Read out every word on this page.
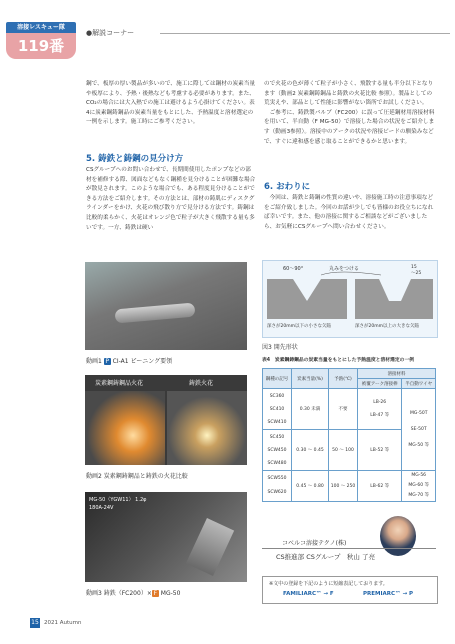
溶接レスキュー隊
119番
●解説コーナー
鋼で、板厚の厚い製品が多いので、施工に際しては鋼材の炭素当量や板厚により、予熱・後熱なども考慮する必要があります。また、CO₂の場合には大入熱での施工は避けるよう心掛けてください。表4に炭素鋼鋳鋼品の炭素当量をもとにした、予熱温度と溶材選定の一例を示します。施工時にご参考ください。
5. 鋳鉄と鋳鋼の見分け方
CSグループへのお問い合わせで、長期間使用したポンプなどの部材を補修する際、図面などもなく鋼種を見分けることが困難な場合が散見されます。このような場合でも、ある程度見分けることができる方法をご紹介します。その方法とは、部材の鋳肌にディスクグラインダーをかけ、火花の飛び散り方で見分ける方法です。鋳鋼は比較的柔らかく、火花はオレンジ色で粒子が大きく飛散する量も多いです。一方、鋳鉄は硬い
ので火花の色が薄くて粒子が小さく、飛散する量も半分以下となります（動画2 炭素鋼鋳鋼品と鋳鉄の火花比較 参照）。製品としての荒実えや、部品として性能に影響がない箇所でお試しください。
　ご参考に、鋳鉄製バルブ（FC200）に誤って圧延鋼材用溶接材料を用いて、半自動（F MG-50）で溶接した場合の状況をご紹介します（動画3参照）。溶接中のアークの状況や溶接ビードの馴染みなどで、すぐに違和感を感じ取ることができるかと思います。
6. おわりに
　今回は、鋳鉄と鋳鋼の性質の違いや、溶接施工時の注意事項などをご紹介致しました。今回のお話が少しでも皆様のお役立ちになれば幸いです。また、他の溶接に関するご相談などがございましたら、お気軽にCSグループへ問い合わせください。
動画1 P CI-A1 ピーニング要領
炭素鋼鋳鋼品火花	鋳鉄火花
動画2 炭素鋼鋳鋼品と鋳鉄の火花比較
MG-50（YGW11） 1.2φ
180A-24V
動画3 鋳鉄（FC200）× F MG-50
60〜90°	丸みをつける	15
〜25
深さが20mm以下の小さな欠陥	深さが20mm以上の大きな欠陥
図3 開先形状
表4　炭素鋼鋳鋼品の炭素当量をもとにした予熱温度と溶材選定の一例
鋼種の記号	炭素当量(%)	予熱(℃)	溶接材料	
			被覆アーク溶接棒	半自動ワイヤ
SC360
SC410
SCW410	0.30 未満	不要	LB-26
LB-47 等	MG-50T
SE-50T
MG-50 等
SC450
SCW450
SCW480	0.30 〜 0.45	50 〜 100	LB-52 等	
SCW550
SCW620	0.45 〜 0.80	100 〜 250	LB-62 等	MG-56
MG-60 等
MG-70 等
コベルコ溶接テクノ(株)
CS推進部 CSグループ　秋山 了亮
※文中の登録を下記のように短縮表記しております。
FAMILIARC™ → F	PREMIARC™ → P
15 2021 Autumn
